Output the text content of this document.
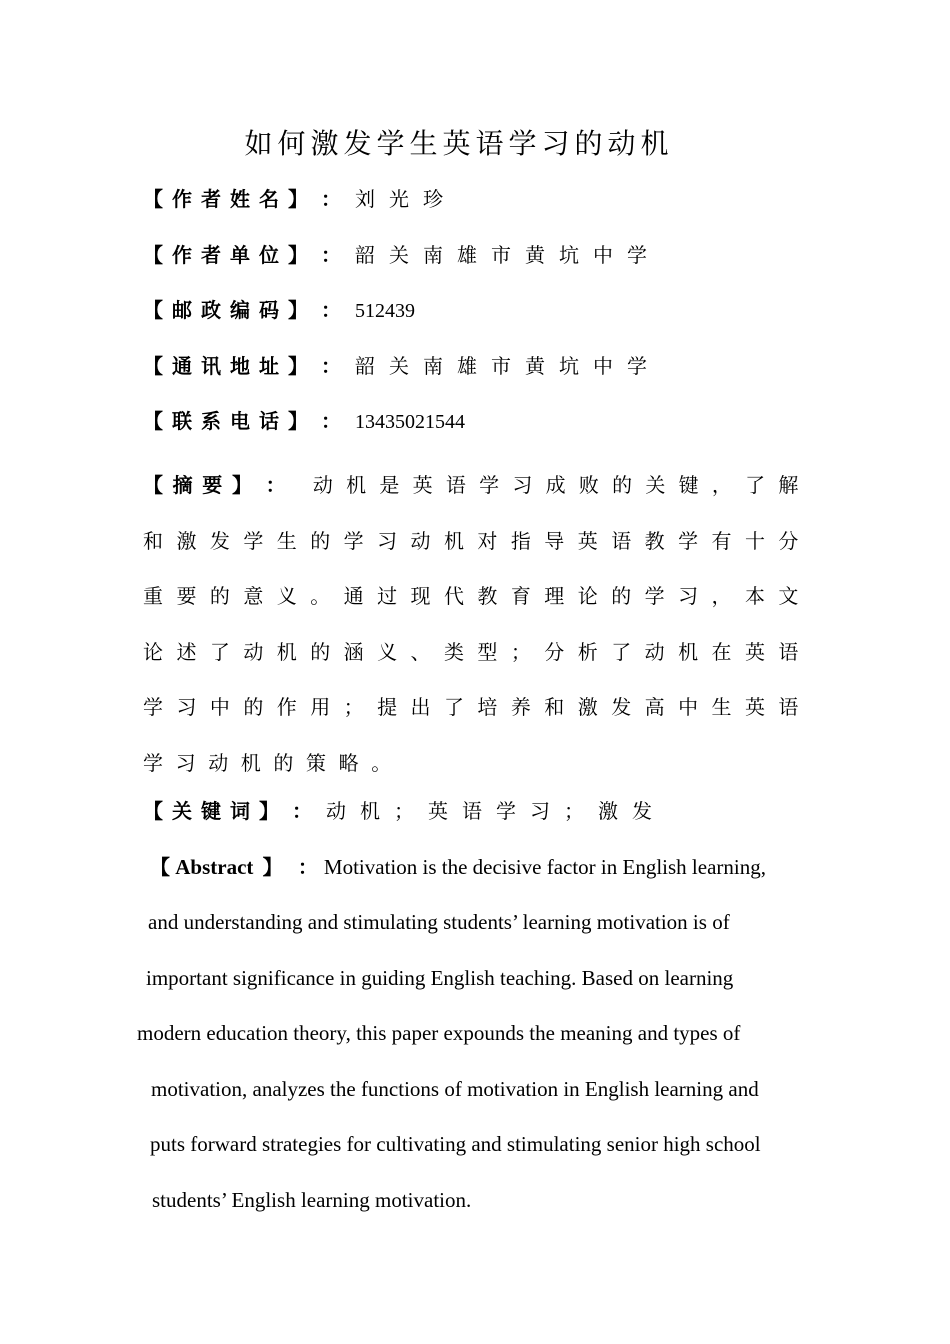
如何激发学生英语学习的动机
【作者姓名】 ： 刘光珍
【作者单位】 ： 韶关南雄市黄坑中学
【邮政编码】 ： 512439
【通讯地址】 ： 韶关南雄市黄坑中学
【联系电话】 ： 13435021544
【摘要】 ： 动机是英语学习成败的关键，了解和激发学生的学习动机对指导英语教学有十分重要的意义。通过现代教育理论的学习，本文论述了动机的涵义、类型；分析了动机在英语学习中的作用；提出了培养和激发高中生英语学习动机的策略。
【关键词】 ： 动机；英语学习；激发
【 Abstract 】 ： Motivation is the decisive factor in English learning,
and understanding and stimulating students’ learning motivation is of
important significance in guiding English teaching. Based on learning
modern education theory, this paper expounds the meaning and types of
motivation, analyzes the functions of motivation in English learning and
puts forward strategies for cultivating and stimulating senior high school
students’ English learning motivation.
